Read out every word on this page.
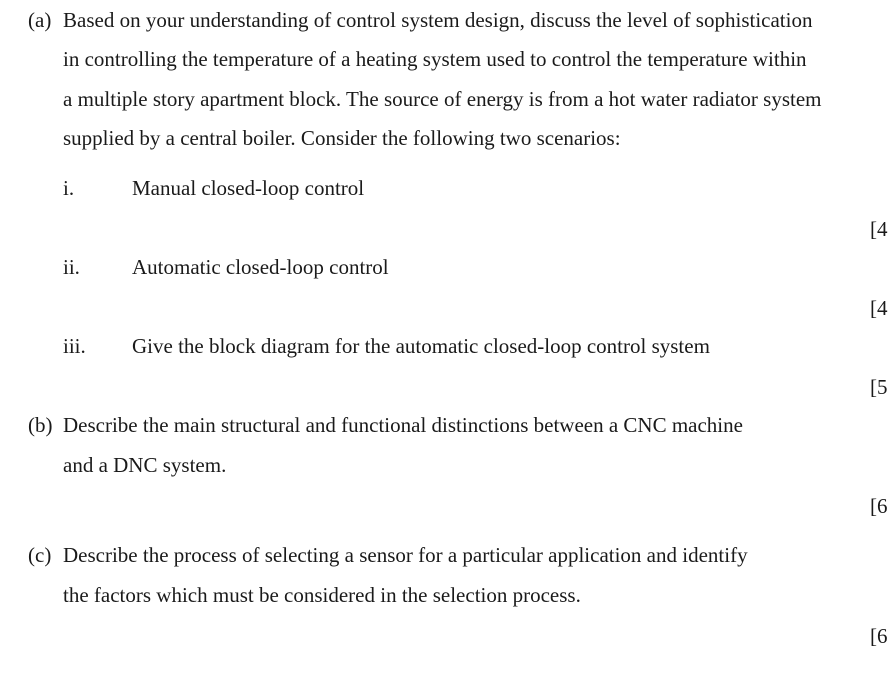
(a) Based on your understanding of control system design, discuss the level of sophistication
in controlling the temperature of a heating system used to control the temperature within
a multiple story apartment block. The source of energy is from a hot water radiator system
supplied by a central boiler. Consider the following two scenarios:
i.	Manual closed-loop control
[4
ii. Automatic closed-loop control
[4
iii. Give the block diagram for the automatic closed-loop control system
[5
(b) Describe the main structural and functional distinctions between a CNC machine
and a DNC system.
[6
(c) Describe the process of selecting a sensor for a particular application and identify
the factors which must be considered in the selection process.
[6
